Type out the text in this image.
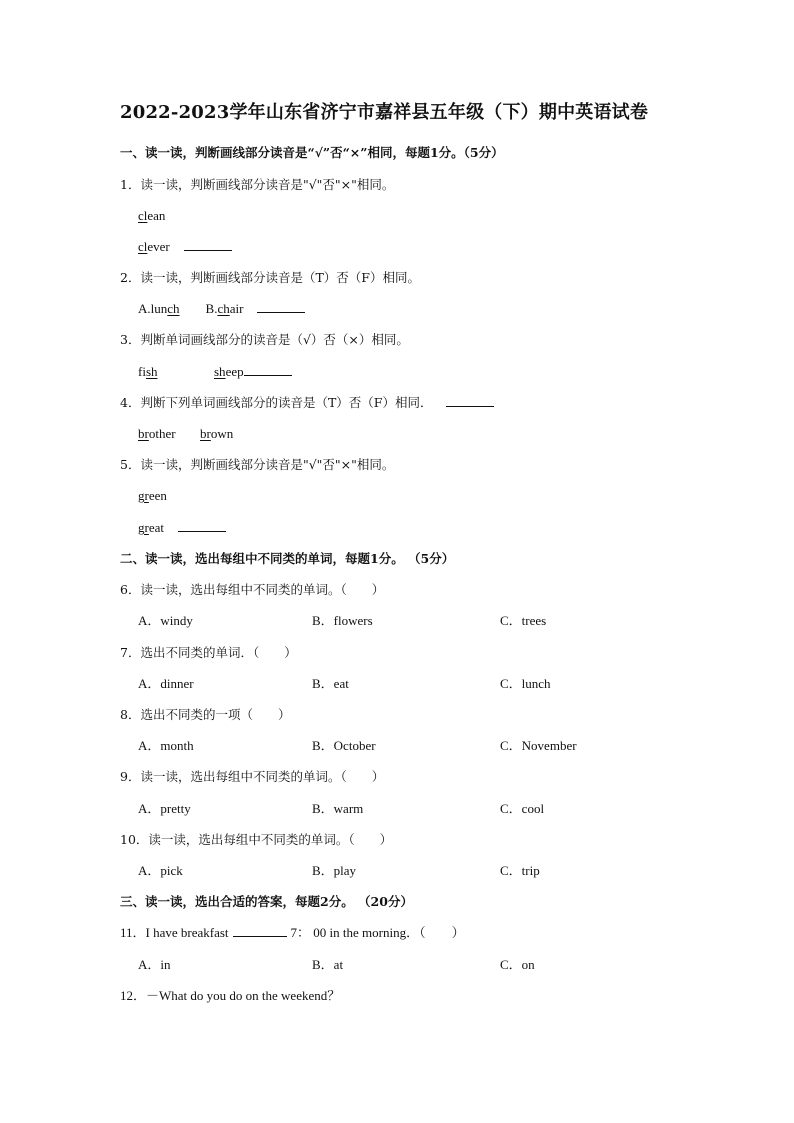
2022-2023学年山东省济宁市嘉祥县五年级（下）期中英语试卷
一、读一读，判断画线部分读音是“√”否“×”相同，每题1分。（5分）
1．读一读，判断画线部分读音是"√"否"×"相同。
clean
clever
2．读一读，判断画线部分读音是（T）否（F）相同。
A.lunch B.chair
3．判断单词画线部分的读音是（√）否（×）相同。
fish	sheep
4．判断下列单词画线部分的读音是（T）否（F）相同．
brother brown
5．读一读，判断画线部分读音是"√"否"×"相同。
green
great
二、读一读，选出每组中不同类的单词，每题1分。 （5分）
6．读一读，选出每组中不同类的单词。（　　）
A．windy	B．flowers	C．trees
7．选出不同类的单词．（　　）
A．dinner	B．eat	C．lunch
8．选出不同类的一项（　　）
A．month	B．October	C．November
9．读一读，选出每组中不同类的单词。（　　）
A．pretty	B．warm	C．cool
10．读一读，选出每组中不同类的单词。（　　）
A．pick	B．play	C．trip
三、读一读，选出合适的答案，每题2分。 （20分）
11．I have breakfast	7： 00 in the morning．（　　）
A．in	B．at	C．on
12．－What do you do on the weekend？
